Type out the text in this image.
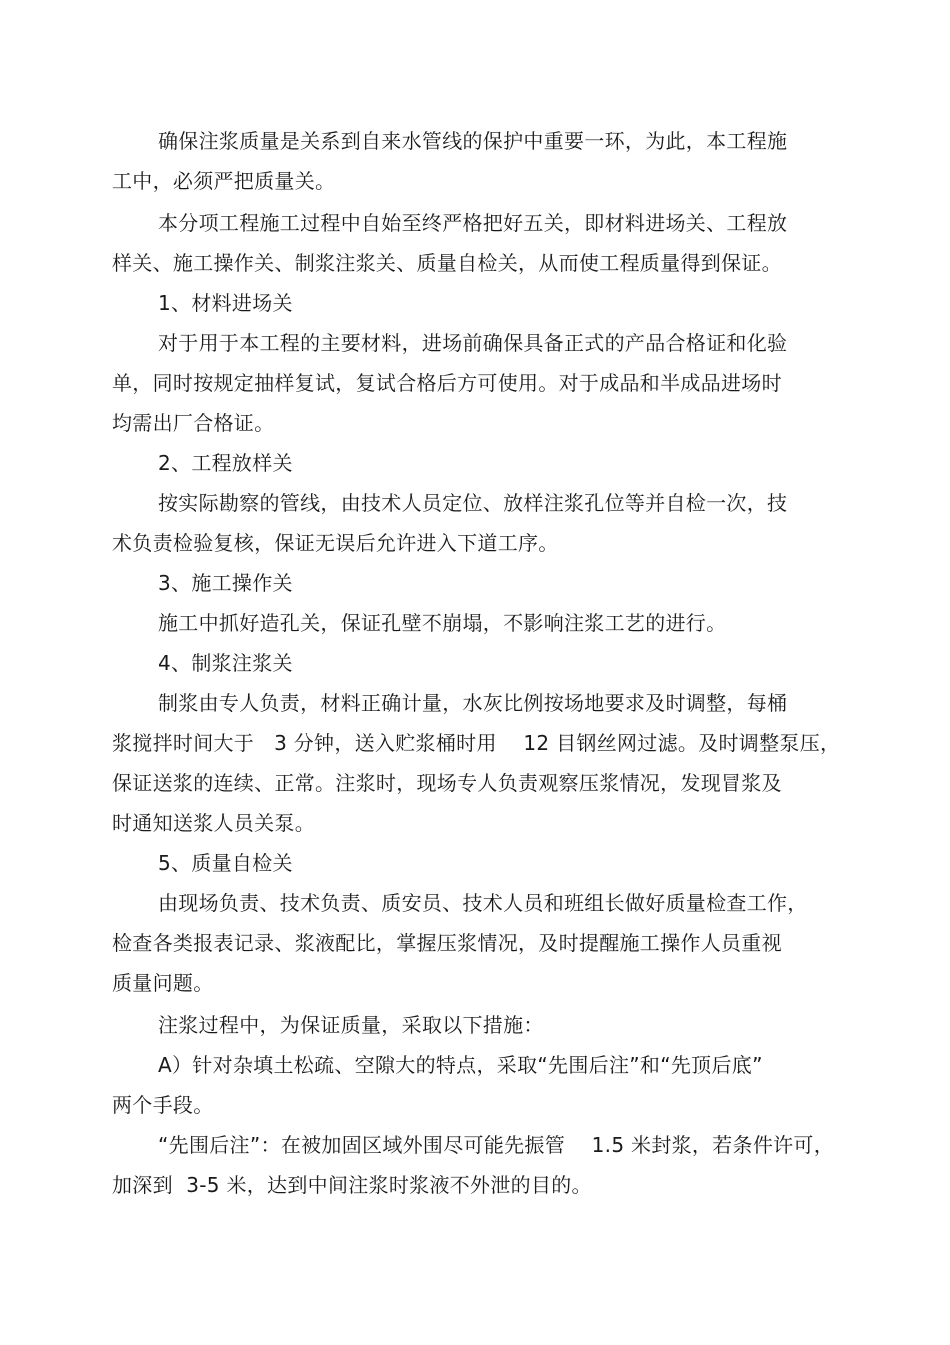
确保注浆质量是关系到自来水管线的保护中重要一环，为此，本工程施
工中，必须严把质量关。
本分项工程施工过程中自始至终严格把好五关，即材料进场关、工程放
样关、施工操作关、制浆注浆关、质量自检关，从而使工程质量得到保证。
1、材料进场关
对于用于本工程的主要材料，进场前确保具备正式的产品合格证和化验
单，同时按规定抽样复试，复试合格后方可使用。对于成品和半成品进场时
均需出厂合格证。
2、工程放样关
按实际勘察的管线，由技术人员定位、放样注浆孔位等并自检一次，技
术负责检验复核，保证无误后允许进入下道工序。
3、施工操作关
施工中抓好造孔关，保证孔壁不崩塌，不影响注浆工艺的进行。
4、制浆注浆关
制浆由专人负责，材料正确计量，水灰比例按场地要求及时调整，每桶
浆搅拌时间大于   3 分钟，送入贮浆桶时用    12 目钢丝网过滤。及时调整泵压，
保证送浆的连续、正常。注浆时，现场专人负责观察压浆情况，发现冒浆及
时通知送浆人员关泵。
5、质量自检关
由现场负责、技术负责、质安员、技术人员和班组长做好质量检查工作，
检查各类报表记录、浆液配比，掌握压浆情况，及时提醒施工操作人员重视
质量问题。
注浆过程中，为保证质量，采取以下措施：
A）针对杂填土松疏、空隙大的特点，采取“先围后注”和“先顶后底”
两个手段。
“先围后注”：在被加固区域外围尽可能先振管    1.5 米封浆，若条件许可，
加深到  3-5 米，达到中间注浆时浆液不外泄的目的。
